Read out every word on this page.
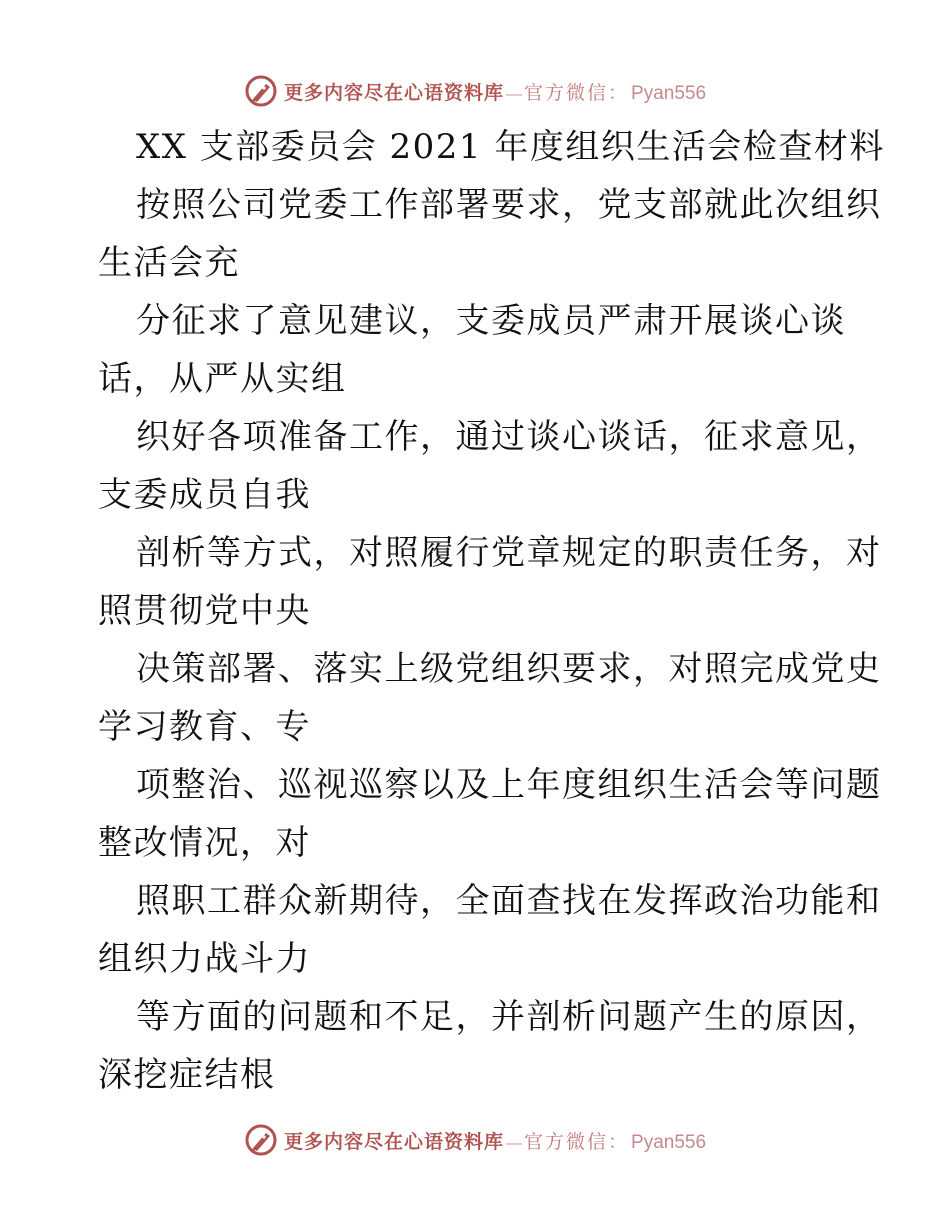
更多内容尽在心语资料库 — 官方微信 ： Pyan556
XX 支部委员会 2021 年度组织生活会检查材料

按照公司党委工作部署要求，党支部就此次组织
生活会充

分征求了意见建议，支委成员严肃开展谈心谈
话，从严从实组

织好各项准备工作，通过谈心谈话，征求意见，
支委成员自我

剖析等方式，对照履行党章规定的职责任务，对
照贯彻党中央

决策部署、落实上级党组织要求，对照完成党史
学习教育、专

项整治、巡视巡察以及上年度组织生活会等问题
整改情况，对

照职工群众新期待，全面查找在发挥政治功能和
组织力战斗力

等方面的问题和不足，并剖析问题产生的原因，
深挖症结根

更多内容尽在心语资料库 — 官方微信 ： Pyan556
